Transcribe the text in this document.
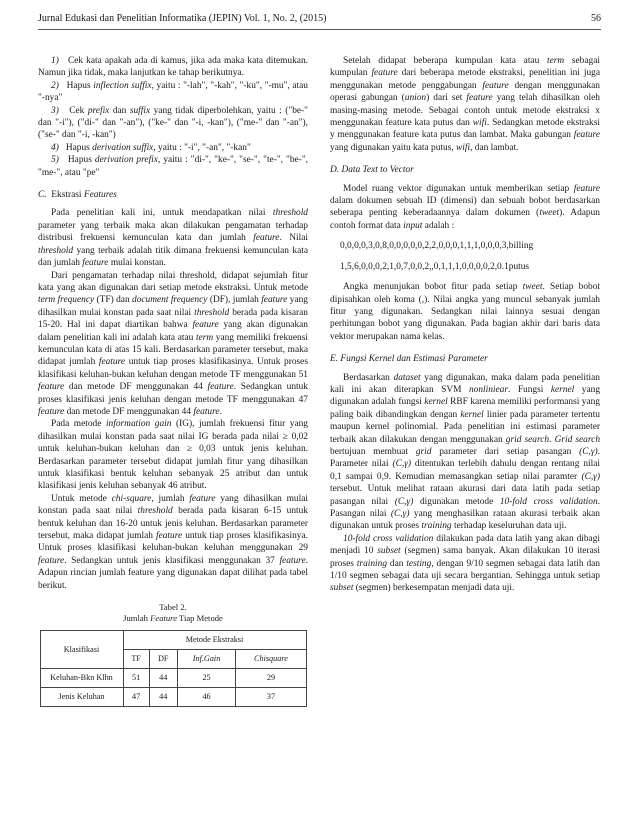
Jurnal Edukasi dan Penelitian Informatika (JEPIN) Vol. 1, No. 2, (2015)	56

1)   Cek kata apakah ada di kamus, jika ada maka kata ditemukan. Namun jika tidak, maka lanjutkan ke tahap berikutnya.

2)   Hapus inflection suffix, yaitu : "-lah", "-kah", "-ku", "-mu", atau "-nya"

3)   Cek prefix dan suffix yang tidak diperbolehkan, yaitu : ("be-" dan "-i"), ("di-" dan "-an"), ("ke-" dan "-i, -kan"), ("me-" dan "-an"), ("se-" dan "-i, -kan")

4)   Hapus derivation suffix, yaitu : "-i", "-an", "-kan"

5)   Hapus derivation prefix, yaitu : "di-", "ke-", "se-", "te-", "be-", "me-", atau "pe"

C. Ekstrasi Features

Pada penelitian kali ini, untuk mendapatkan nilai threshold parameter yang terbaik maka akan dilakukan pengamatan terhadap distribusi frekuensi kemunculan kata dan jumlah feature. Nilai threshold yang terbaik adalah titik dimana frekuensi kemunculan kata dan jumlah feature mulai konstan.

Dari pengamatan terhadap nilai threshold, didapat sejumlah fitur kata yang akan digunakan dari setiap metode ekstraksi. Untuk metode term frequency (TF) dan document frequency (DF), jumlah feature yang dihasilkan mulai konstan pada saat nilai threshold berada pada kisaran 15-20. Hal ini dapat diartikan bahwa feature yang akan digunakan dalam penelitian kali ini adalah kata atau term yang memiliki frekuensi kemunculan kata di atas 15 kali. Berdasarkan parameter tersebut, maka didapat jumlah feature untuk tiap proses klasifikasinya. Untuk proses klasifikasi keluhan-bukan keluhan dengan metode TF menggunakan 51 feature dan metode DF menggunakan 44 feature. Sedangkan untuk proses klasifikasi jenis keluhan dengan metode TF menggunakan 47 feature dan metode DF menggunakan 44 feature.

Pada metode information gain (IG), jumlah frekuensi fitur yang dihasilkan mulai konstan pada saat nilai IG berada pada nilai ≥ 0,02 untuk keluhan-bukan keluhan dan ≥ 0,03 untuk jenis keluhan. Berdasarkan parameter tersebut didapat jumlah fitur yang dihasilkan untuk klasifikasi bentuk keluhan sebanyak 25 atribut dan untuk klasifikasi jenis keluhan sebanyak 46 atribut.

Untuk metode chi-square, jumlah feature yang dihasilkan mulai konstan pada saat nilai threshold berada pada kisaran 6-15 untuk bentuk keluhan dan 16-20 untuk jenis keluhan. Berdasarkan parameter tersebut, maka didapat jumlah feature untuk tiap proses klasifikasinya. Untuk proses klasifikasi keluhan-bukan keluhan menggunakan 29 feature. Sedangkan untuk jenis klasifikasi menggunakan 37 feature. Adapun rincian jumlah feature yang digunakan dapat dilihat pada tabel berikut.

Tabel 2.
Jumlah Feature Tiap Metode

Klasifikasi	Metode Ekstraksi			
	TF	DF	Inf.Gain	Chisquare
Keluhan-Bkn Klhn	51	44	25	29
Jenis Keluhan	47	44	46	37

Setelah didapat beberapa kumpulan kata atau term sebagai kumpulan feature dari beberapa metode ekstraksi, penelitian ini juga menggunakan metode penggabungan feature dengan menggunakan operasi gabungan (union) dari set feature yang telah dihasilkan oleh masing-masing metode. Sebagai contoh untuk metode ekstraksi x menggunakan feature kata putus dan wifi. Sedangkan metode ekstraksi y menggunakan feature kata putus dan lambat. Maka gabungan feature yang digunakan yaitu kata putus, wifi, dan lambat.

D. Data Text to Vector

Model ruang vektor digunakan untuk memberikan setiap feature dalam dokumen sebuah ID (dimensi) dan sebuah bobot berdasarkan seberapa penting keberadaannya dalam dokumen (tweet). Adapun contoh format data input adalah :

0,0,0,0,3,0,8,0,0,0,0,0,2,2,0,0,0,1,1,1,0,0,0,3,billing

1,5,6,0,0,0,2,1,0,7,0,0,2,,0,1,1,1,0,0,0,0,2,0.1putus

Angka menunjukan bobot fitur pada setiap tweet. Setiap bobot dipisahkan oleh koma (,). Nilai angka yang muncul sebanyak jumlah fitur yang digunakan. Sedangkan nilai lainnya sesuai dengan perhitungan bobot yang digunakan. Pada bagian akhir dari baris data vektor merupakan nama kelas.

E. Fungsi Kernel dan Estimasi Parameter

Berdasarkan dataset yang digunakan, maka dalam pada penelitian kali ini akan diterapkan SVM nonliniear. Fungsi kernel yang digunakan adalah fungsi kernel RBF karena memiliki performansi yang paling baik dibandingkan dengan kernel linier pada parameter tertentu maupun kernel polinomial. Pada penelitian ini estimasi parameter terbaik akan dilakukan dengan menggunakan grid search. Grid search bertujuan membuat grid parameter dari setiap pasangan (C,γ). Parameter nilai (C,γ) ditentukan terlebih dahulu dengan rentang nilai 0,1 sampai 0,9. Kemudian memasangkan setiap nilai paramter (C,γ) tersebut. Untuk melihat rataan akurasi dari data latih pada setiap pasangan nilai (C,γ) digunakan metode 10-fold cross validation. Pasangan nilai (C,γ) yang menghasilkan rataan akurasi terbaik akan digunakan untuk proses training terhadap keseluruhan data uji.

10-fold cross validation dilakukan pada data latih yang akan dibagi menjadi 10 subset (segmen) sama banyak. Akan dilakukan 10 iterasi proses training dan testing, dengan 9/10 segmen sebagai data latih dan 1/10 segmen sebagai data uji secara bergantian. Sehingga untuk setiap subset (segmen) berkesempatan menjadi data uji.
